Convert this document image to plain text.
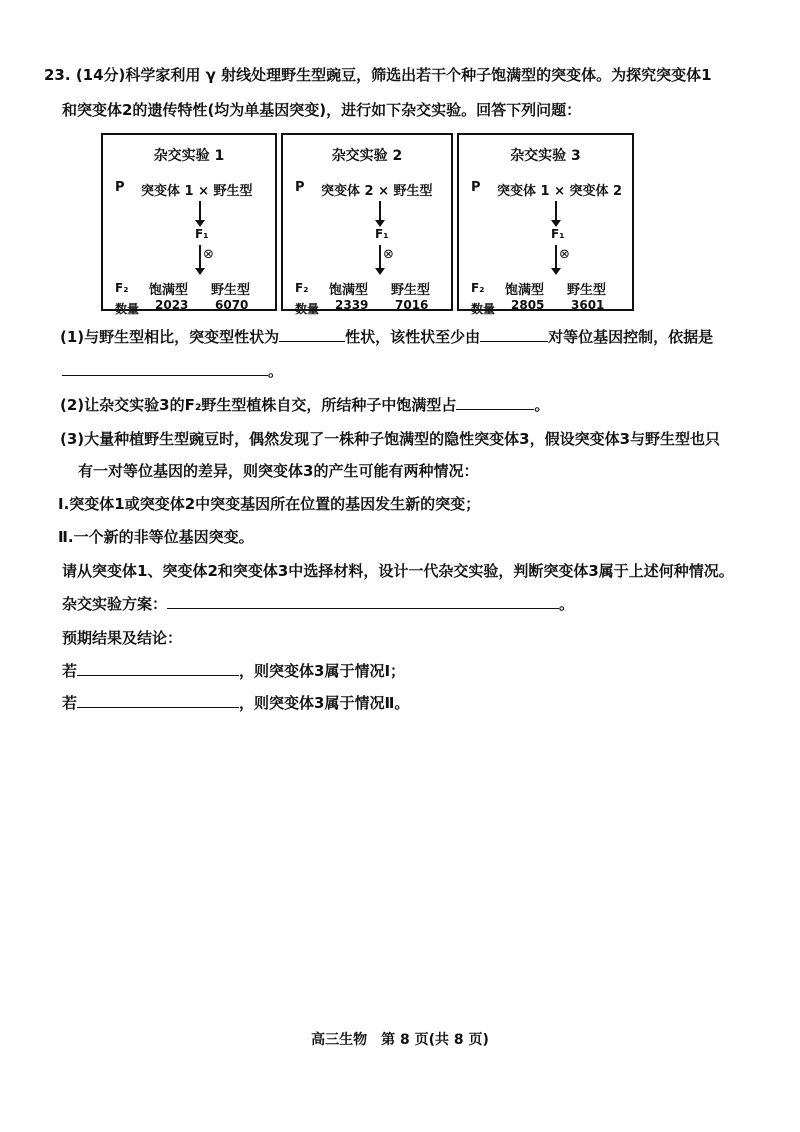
23. (14分)科学家利用 γ 射线处理野生型豌豆，筛选出若干个种子饱满型的突变体。为探究突变体1
和突变体2的遗传特性(均为单基因突变)，进行如下杂交实验。回答下列问题：
杂交实验 1
P 突变体 1 × 野生型
F₁
⊗
F₂
数量
饱满型 野生型
2023 6070
杂交实验 2
P 突变体 2 × 野生型
F₁
⊗
F₂
数量
饱满型 野生型
2339 7016
杂交实验 3
P 突变体 1 × 突变体 2
F₁
⊗
F₂
数量
饱满型 野生型
2805 3601
(1)与野生型相比，突变型性状为	性状，该性状至少由	对等位基因控制，依据是
。
(2)让杂交实验3的F₂野生型植株自交，所结种子中饱满型占	。
(3)大量种植野生型豌豆时，偶然发现了一株种子饱满型的隐性突变体3，假设突变体3与野生型也只
有一对等位基因的差异，则突变体3的产生可能有两种情况：
Ⅰ.突变体1或突变体2中突变基因所在位置的基因发生新的突变；
Ⅱ.一个新的非等位基因突变。
请从突变体1、突变体2和突变体3中选择材料，设计一代杂交实验，判断突变体3属于上述何种情况。
杂交实验方案：	。
预期结果及结论：
若	，则突变体3属于情况Ⅰ；
若	，则突变体3属于情况Ⅱ。
高三生物　第 8 页(共 8 页)
